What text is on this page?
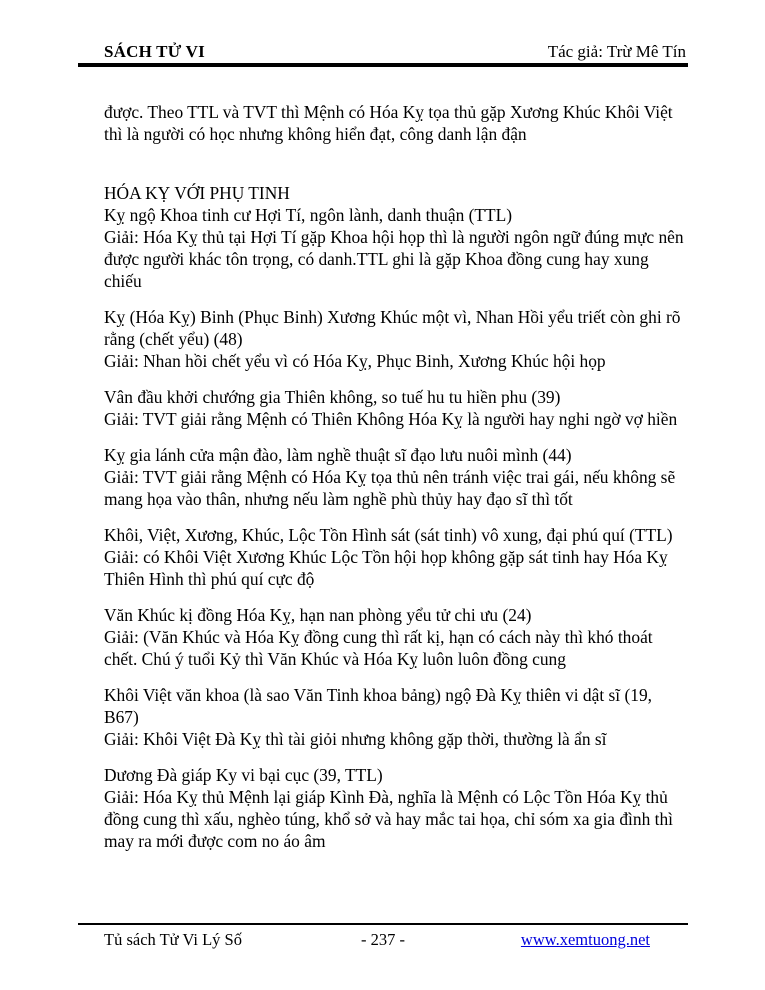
SÁCH TỬ VI	Tác giả: Trừ Mê Tín

được. Theo TTL và TVT thì Mệnh có Hóa Kỵ tọa thủ gặp Xương Khúc Khôi Việt thì là người có học nhưng không hiển đạt, công danh lận đận

HÓA KỴ VỚI PHỤ TINH

Kỵ ngộ Khoa tinh cư Hợi Tí, ngôn lành, danh thuận (TTL)

Giải: Hóa Kỵ thủ tại Hợi Tí gặp Khoa hội họp thì là người ngôn ngữ đúng mực nên được người khác tôn trọng, có danh.TTL ghi là gặp Khoa đồng cung hay xung chiếu

Kỵ (Hóa Kỵ) Binh (Phục Binh) Xương Khúc một vì, Nhan Hồi yểu triết còn ghi rõ rằng (chết yểu) (48)

Giải: Nhan hồi chết yểu vì có Hóa Kỵ, Phục Binh, Xương Khúc hội họp

Vân đầu khởi chướng gia Thiên không, so tuế hu tu hiền phu (39)

Giải: TVT giải rằng Mệnh có Thiên Không Hóa Kỵ là người hay nghi ngờ vợ hiền

Kỵ gia lánh cửa mận đào, làm nghề thuật sĩ đạo lưu nuôi mình (44)

Giải: TVT giải rằng Mệnh có Hóa Kỵ tọa thủ nên tránh việc trai gái, nếu không sẽ mang họa vào thân, nhưng nếu làm nghề phù thủy hay đạo sĩ thì tốt

Khôi, Việt, Xương, Khúc, Lộc Tồn Hình sát (sát tinh) vô xung, đại phú quí (TTL)

Giải: có Khôi Việt Xương Khúc Lộc Tồn hội họp không gặp sát tinh hay Hóa Kỵ Thiên Hình thì phú quí cực độ

Văn Khúc kị đồng Hóa Kỵ, hạn nan phòng yểu tử chi ưu (24)

Giải: (Văn Khúc và Hóa Kỵ đồng cung thì rất kị, hạn có cách này thì khó thoát chết. Chú ý tuổi Kỷ thì Văn Khúc và Hóa Kỵ luôn luôn đồng cung

Khôi Việt văn khoa (là sao Văn Tinh khoa bảng) ngộ Đà Kỵ thiên vi dật sĩ (19, B67)

Giải: Khôi Việt Đà Kỵ thì tài giỏi nhưng không gặp thời, thường là ẩn sĩ

Dương Đà giáp Ky vi bại cục (39, TTL)

Giải: Hóa Kỵ thủ Mệnh lại giáp Kình Đà, nghĩa là Mệnh có Lộc Tồn Hóa Kỵ thủ đồng cung thì xấu, nghèo túng, khổ sở và hay mắc tai họa, chỉ sóm xa gia đình thì may ra mới được com no áo âm

Tủ sách Tử Vi Lý Số	- 237 -	www.xemtuong.net
